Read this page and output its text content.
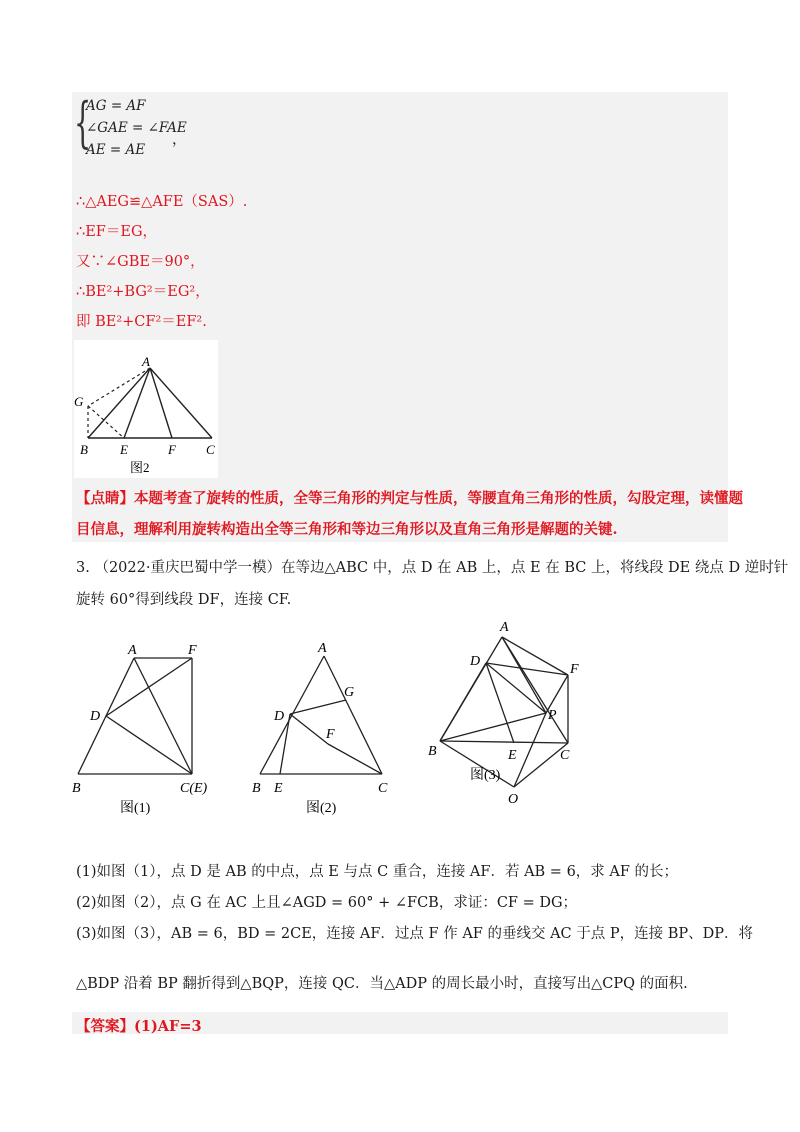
{
AG = AF
∠GAE = ∠FAE
AE = AE
，
∴△AEG≌△AFE（SAS）.
∴EF＝EG，
又∵∠GBE＝90°，
∴BE²+BG²＝EG²，
即 BE²+CF²＝EF².
A
G
B E	F C
图2
【点睛】本题考查了旋转的性质，全等三角形的判定与性质，等腰直角三角形的性质，勾股定理，读懂题
目信息，理解利用旋转构造出全等三角形和等边三角形以及直角三角形是解题的关键.
3. （2022·重庆巴蜀中学一模）在等边△ABC 中，点 D 在 AB 上，点 E 在 BC 上，将线段 DE 绕点 D 逆时针
旋转 60°得到线段 DF，连接 CF.
A	F
D
B	C(E)
图(1)
A
G
D
F
B E	C
图(2)
A
D
F
P
B	E	C
O
图(3)
(1)如图（1），点 D 是 AB 的中点，点 E 与点 C 重合，连接 AF．若 AB = 6，求 AF 的长；
(2)如图（2），点 G 在 AC 上且∠AGD = 60° + ∠FCB，求证：CF = DG；
(3)如图（3），AB = 6，BD = 2CE，连接 AF．过点 F 作 AF 的垂线交 AC 于点 P，连接 BP、DP．将
△BDP 沿着 BP 翻折得到△BQP，连接 QC．当△ADP 的周长最小时，直接写出△CPQ 的面积.
【答案】(1)AF=3
